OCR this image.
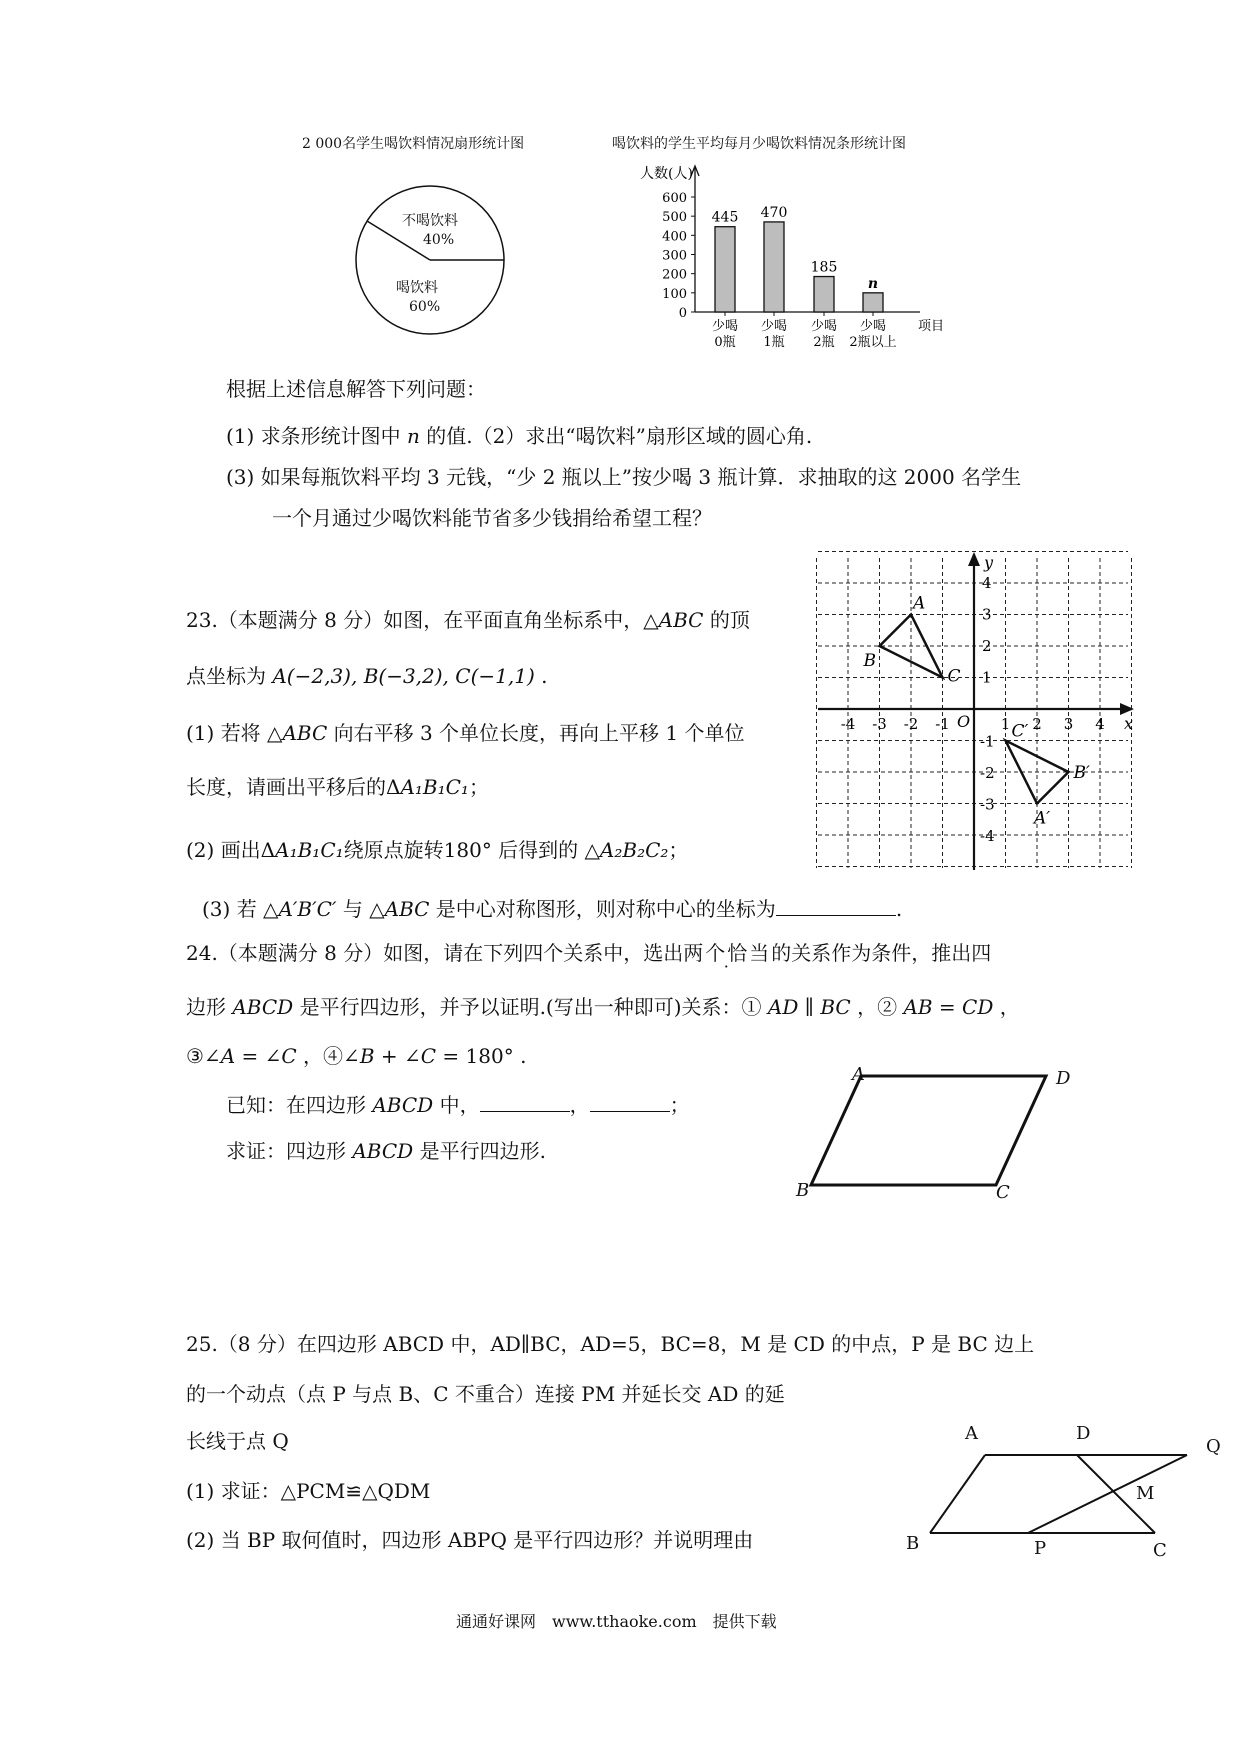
2 000名学生喝饮料情况扇形统计图	喝饮料的学生平均每月少喝饮料情况条形统计图
不喝饮料
40%
喝饮料
60%
人数(人)
0
100
200
300
400
500
600
445
少喝
0瓶
470
少喝
1瓶
185
少喝
2瓶
n
少喝
2瓶以上
项目
根据上述信息解答下列问题：
(1) 求条形统计图中 n 的值.（2）求出“喝饮料”扇形区域的圆心角.
(3) 如果每瓶饮料平均 3 元钱，“少 2 瓶以上”按少喝 3 瓶计算．求抽取的这 2000 名学生
一个月通过少喝饮料能节省多少钱捐给希望工程？
23.（本题满分 8 分）如图，在平面直角坐标系中，△ABC 的顶
点坐标为 A(−2,3), B(−3,2), C(−1,1) .
(1) 若将 △ABC 向右平移 3 个单位长度，再向上平移 1 个单位
长度，请画出平移后的ΔA₁B₁C₁；
(2) 画出ΔA₁B₁C₁绕原点旋转180° 后得到的 △A₂B₂C₂；
(3) 若 △A′B′C′ 与 △ABC 是中心对称图形，则对称中心的坐标为	.
y
x
O
-4 -3 -2 -1	1 2 3 4
4
3
2
1
-1
-2
-3
-4
A
B
C
A′
B′
C′
24.（本题满分 8 分）如图，请在下列四个关系中，选出两个恰当的关系作为条件，推出四
边形 ABCD 是平行四边形，并予以证明.(写出一种即可)关系：① AD ∥ BC ，② AB = CD ，
③∠A = ∠C ，④∠B + ∠C = 180° .
已知：在四边形 ABCD 中，	，	；
求证：四边形 ABCD 是平行四边形.
A	D
B	C
25.（8 分）在四边形 ABCD 中，AD∥BC，AD=5，BC=8，M 是 CD 的中点，P 是 BC 边上
的一个动点（点 P 与点 B、C 不重合）连接 PM 并延长交 AD 的延
长线于点 Q
(1) 求证：△PCM≌△QDM
(2) 当 BP 取何值时，四边形 ABPQ 是平行四边形？并说明理由
A	D
Q
M
B	P	C
通通好课网　www.tthaoke.com　提供下载
